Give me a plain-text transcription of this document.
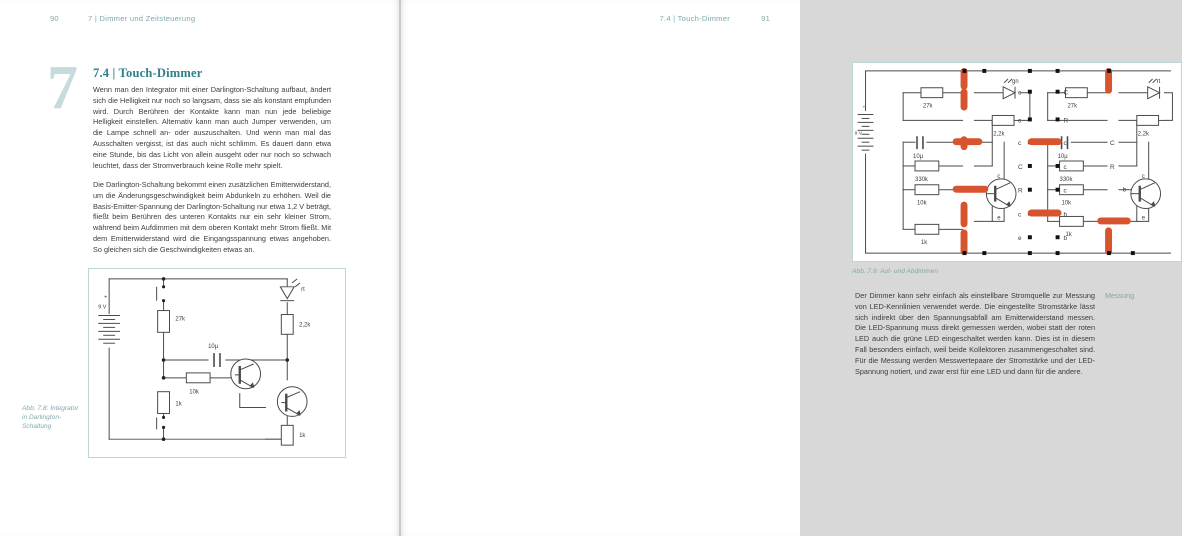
90	7 | Dimmer und Zeitsteuerung
7 7.4 | Touch-Dimmer

Wenn man den Integrator mit einer Darlington-Schaltung aufbaut, ändert sich die Helligkeit nur noch so langsam, dass sie als konstant empfunden wird. Durch Berühren der Kontakte kann man nun jede beliebige Helligkeit einstellen. Alternativ kann man auch Jumper verwenden, um die Lampe schnell an- oder auszuschalten. Und wenn man mal das Ausschalten vergisst, ist das auch nicht schlimm. Es dauert dann etwa eine Stunde, bis das Licht von allein ausgeht oder nur noch so schwach leuchtet, dass der Stromverbrauch keine Rolle mehr spielt.

Die Darlington-Schaltung bekommt einen zusätzlichen Emitterwiderstand, um die Änderungsgeschwindigkeit beim Abdunkeln zu erhöhen. Weil die Basis-Emitter-Spannung der Darlington-Schaltung nur etwa 1,2 V beträgt, fließt beim Berühren des unteren Kontakts nur ein sehr kleiner Strom, während beim Aufdimmen mit dem oberen Kontakt mehr Strom fließt. Mit dem Emitterwiderstand wird die Eingangsspannung etwas angehoben. So gleichen sich die Geschwindigkeiten etwas an.

Abb. 7.8: Integrator in Darlington-Schaltung
+
9 V
27k
1k
10k
10µ
rt
2,2k
1k
7.4 | Touch-Dimmer	91
+
9 V
27k
2,2k
10µ
330k
10k
1k
gn
c
e
27k
2,2k
10µ
330k
10k
1k
rt
c
b
e
C
R
c	C
c	R
c	c
C	c
R	c
c	b
e	b
Abb. 7.9: Auf- und Abdimmen

Der Dimmer kann sehr einfach als einstellbare Stromquelle zur Messung von LED-Kennlinien verwendet werde. Die eingestellte Stromstärke lässt sich indirekt über den Spannungsabfall am Emitterwiderstand messen. Die LED-Spannung muss direkt gemessen werden, wobei statt der roten LED auch die grüne LED eingeschaltet werden kann. Dies ist in diesem Fall besonders einfach, weil beide Kollektoren zusammengeschaltet sind. Für die Messung werden Messwertepaare der Stromstärke und der LED-Spannung notiert, und zwar erst für eine LED und dann für die andere.

Messung
